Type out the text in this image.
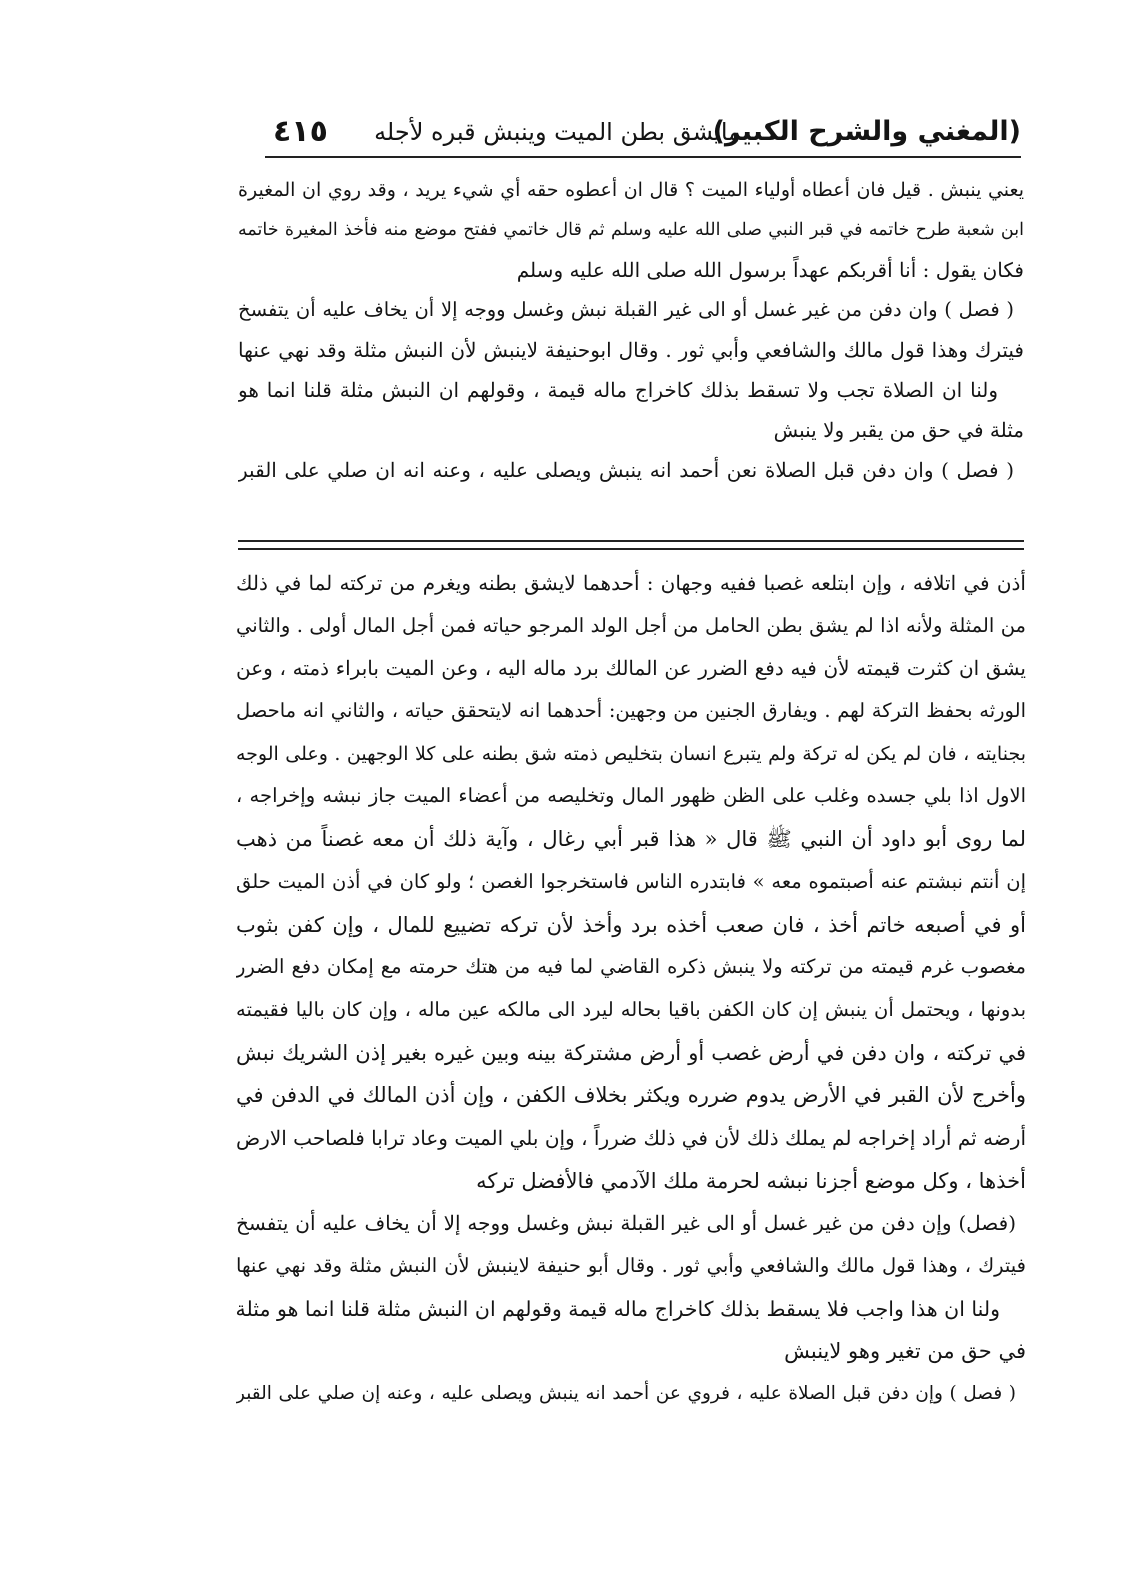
(المغني والشرح الكبير)
مايشق بطن الميت وينبش قبره لأجله
٤١٥
يعني ينبش . قيل فان أعطاه أولياء الميت ؟ قال ان أعطوه حقه أي شيء يريد ، وقد روي ان المغيرة
ابن شعبة طرح خاتمه في قبر النبي صلى الله عليه وسلم ثم قال خاتمي ففتح موضع منه فأخذ المغيرة خاتمه
فكان يقول : أنا أقربكم عهداً برسول الله صلى الله عليه وسلم
( فصل ) وان دفن من غير غسل أو الى غير القبلة نبش وغسل ووجه إلا أن يخاف عليه أن يتفسخ
فيترك وهذا قول مالك والشافعي وأبي ثور . وقال ابوحنيفة لاينبش لأن النبش مثلة وقد نهي عنها
ولنا ان الصلاة تجب ولا تسقط بذلك كاخراج ماله قيمة ، وقولهم ان النبش مثلة قلنا انما هو
مثلة في حق من يقبر ولا ينبش
( فصل ) وان دفن قبل الصلاة نعن أحمد انه ينبش ويصلى عليه ، وعنه انه ان صلي على القبر
أذن في اتلافه ، وإن ابتلعه غصبا ففيه وجهان : أحدهما لايشق بطنه ويغرم من تركته لما في ذلك
من المثلة ولأنه اذا لم يشق بطن الحامل من أجل الولد المرجو حياته فمن أجل المال أولى . والثاني
يشق ان كثرت قيمته لأن فيه دفع الضرر عن المالك برد ماله اليه ، وعن الميت بابراء ذمته ، وعن
الورثه بحفظ التركة لهم . ويفارق الجنين من وجهين: أحدهما انه لايتحقق حياته ، والثاني انه ماحصل
بجنايته ، فان لم يكن له تركة ولم يتبرع انسان بتخليص ذمته شق بطنه على كلا الوجهين . وعلى الوجه
الاول اذا بلي جسده وغلب على الظن ظهور المال وتخليصه من أعضاء الميت جاز نبشه وإخراجه ،
لما روى أبو داود أن النبي ﷺ قال « هذا قبر أبي رغال ، وآية ذلك أن معه غصناً من ذهب
إن أنتم نبشتم عنه أصبتموه معه » فابتدره الناس فاستخرجوا الغصن ؛ ولو كان في أذن الميت حلق
أو في أصبعه خاتم أخذ ، فان صعب أخذه برد وأخذ لأن تركه تضييع للمال ، وإن كفن بثوب
مغصوب غرم قيمته من تركته ولا ينبش ذكره القاضي لما فيه من هتك حرمته مع إمكان دفع الضرر
بدونها ، ويحتمل أن ينبش إن كان الكفن باقيا بحاله ليرد الى مالكه عين ماله ، وإن كان باليا فقيمته
في تركته ، وان دفن في أرض غصب أو أرض مشتركة بينه وبين غيره بغير إذن الشريك نبش
وأخرج لأن القبر في الأرض يدوم ضرره ويكثر بخلاف الكفن ، وإن أذن المالك في الدفن في
أرضه ثم أراد إخراجه لم يملك ذلك لأن في ذلك ضرراً ، وإن بلي الميت وعاد ترابا فلصاحب الارض
أخذها ، وكل موضع أجزنا نبشه لحرمة ملك الآدمي فالأفضل تركه
(فصل) وإن دفن من غير غسل أو الى غير القبلة نبش وغسل ووجه إلا أن يخاف عليه أن يتفسخ
فيترك ، وهذا قول مالك والشافعي وأبي ثور . وقال أبو حنيفة لاينبش لأن النبش مثلة وقد نهي عنها
ولنا ان هذا واجب فلا يسقط بذلك كاخراج ماله قيمة وقولهم ان النبش مثلة قلنا انما هو مثلة
في حق من تغير وهو لاينبش
( فصل ) وإن دفن قبل الصلاة عليه ، فروي عن أحمد انه ينبش ويصلى عليه ، وعنه إن صلي على القبر
